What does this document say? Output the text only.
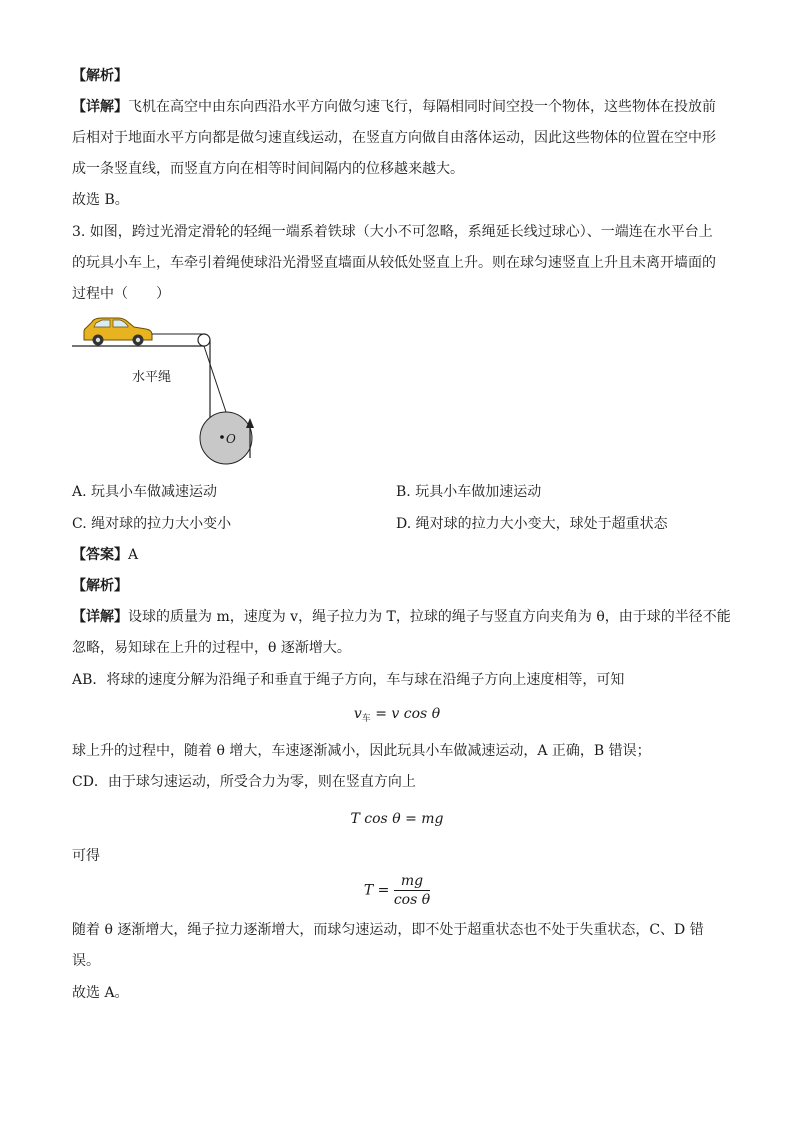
【解析】
【详解】飞机在高空中由东向西沿水平方向做匀速飞行，每隔相同时间空投一个物体，这些物体在投放前
后相对于地面水平方向都是做匀速直线运动，在竖直方向做自由落体运动，因此这些物体的位置在空中形
成一条竖直线，而竖直方向在相等时间间隔内的位移越来越大。
故选 B。
3. 如图，跨过光滑定滑轮的轻绳一端系着铁球（大小不可忽略，系绳延长线过球心）、一端连在水平台上
的玩具小车上，车牵引着绳使球沿光滑竖直墙面从较低处竖直上升。则在球匀速竖直上升且未离开墙面的
过程中（　　）
水平绳
O
A. 玩具小车做减速运动	B. 玩具小车做加速运动
C. 绳对球的拉力大小变小	D. 绳对球的拉力大小变大，球处于超重状态
【答案】A
【解析】
【详解】设球的质量为 m，速度为 v，绳子拉力为 T，拉球的绳子与竖直方向夹角为 θ，由于球的半径不能
忽略，易知球在上升的过程中，θ 逐渐增大。
AB．将球的速度分解为沿绳子和垂直于绳子方向，车与球在沿绳子方向上速度相等，可知
$v_车 = v$ cos θ
球上升的过程中，随着 θ 增大，车速逐渐减小，因此玩具小车做减速运动，A 正确，B 错误；
CD．由于球匀速运动，所受合力为零，则在竖直方向上
T cos θ = mg
可得
$T = \frac{mg}{\text{cos θ}}$
随着 θ 逐渐增大，绳子拉力逐渐增大，而球匀速运动，即不处于超重状态也不处于失重状态，C、D 错
误。
故选 A。
